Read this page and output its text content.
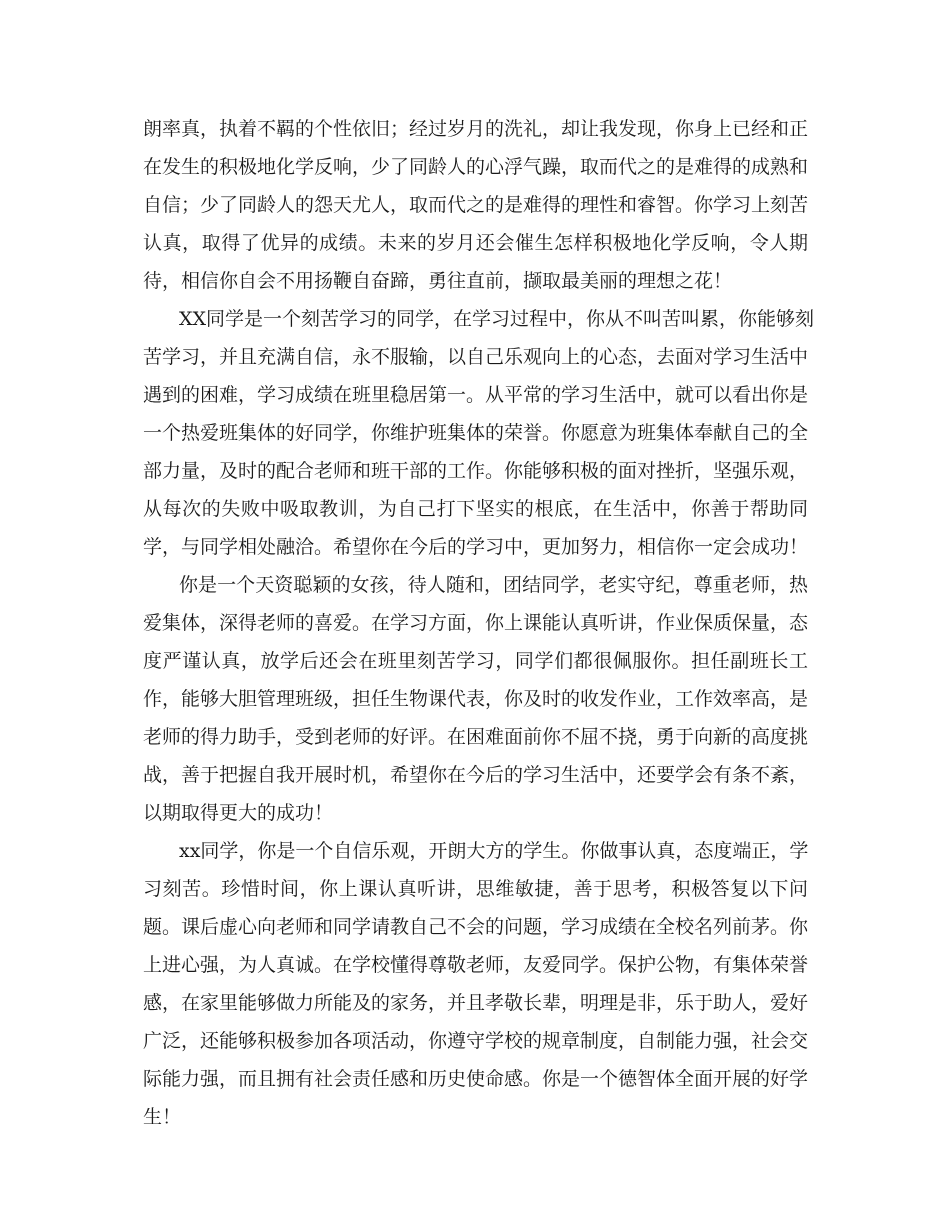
朗率真，执着不羁的个性依旧；经过岁月的洗礼，却让我发现，你身上已经和正
在发生的积极地化学反响，少了同龄人的心浮气躁，取而代之的是难得的成熟和
自信；少了同龄人的怨天尤人，取而代之的是难得的理性和睿智。你学习上刻苦
认真，取得了优异的成绩。未来的岁月还会催生怎样积极地化学反响，令人期
待，相信你自会不用扬鞭自奋蹄，勇往直前，撷取最美丽的理想之花！
XX同学是一个刻苦学习的同学，在学习过程中，你从不叫苦叫累，你能够刻
苦学习，并且充满自信，永不服输，以自己乐观向上的心态，去面对学习生活中
遇到的困难，学习成绩在班里稳居第一。从平常的学习生活中，就可以看出你是
一个热爱班集体的好同学，你维护班集体的荣誉。你愿意为班集体奉献自己的全
部力量，及时的配合老师和班干部的工作。你能够积极的面对挫折，坚强乐观，
从每次的失败中吸取教训，为自己打下坚实的根底，在生活中，你善于帮助同
学，与同学相处融洽。希望你在今后的学习中，更加努力，相信你一定会成功！
你是一个天资聪颖的女孩，待人随和，团结同学，老实守纪，尊重老师，热
爱集体，深得老师的喜爱。在学习方面，你上课能认真听讲，作业保质保量，态
度严谨认真，放学后还会在班里刻苦学习，同学们都很佩服你。担任副班长工
作，能够大胆管理班级，担任生物课代表，你及时的收发作业，工作效率高，是
老师的得力助手，受到老师的好评。在困难面前你不屈不挠，勇于向新的高度挑
战，善于把握自我开展时机，希望你在今后的学习生活中，还要学会有条不紊，
以期取得更大的成功！
xx同学，你是一个自信乐观，开朗大方的学生。你做事认真，态度端正，学
习刻苦。珍惜时间，你上课认真听讲，思维敏捷，善于思考，积极答复以下问
题。课后虚心向老师和同学请教自己不会的问题，学习成绩在全校名列前茅。你
上进心强，为人真诚。在学校懂得尊敬老师，友爱同学。保护公物，有集体荣誉
感，在家里能够做力所能及的家务，并且孝敬长辈，明理是非，乐于助人，爱好
广泛，还能够积极参加各项活动，你遵守学校的规章制度，自制能力强，社会交
际能力强，而且拥有社会责任感和历史使命感。你是一个德智体全面开展的好学
生！
